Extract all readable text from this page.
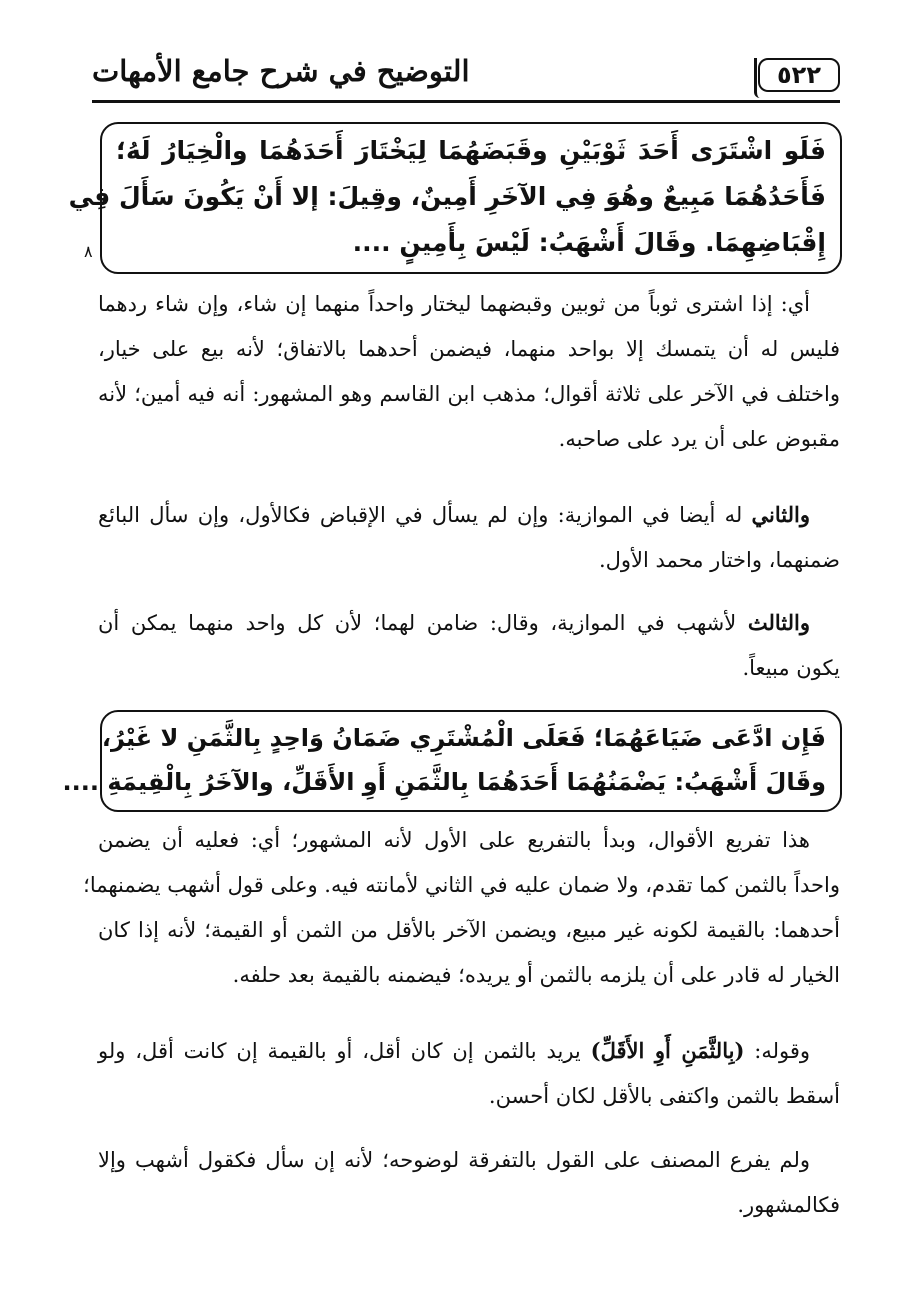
٥٢٢
التوضيح في شرح جامع الأمهات
فَلَو اشْتَرَى أَحَدَ ثَوْبَيْنِ وقَبَضَهُمَا لِيَخْتَارَ أَحَدَهُمَا والْخِيَارُ لَهُ؛
فَأَحَدُهُمَا مَبِيعٌ وهُوَ فِي الآخَرِ أَمِينٌ، وقِيلَ: إلا أَنْ يَكُونَ سَأَلَ فِي
إِقْبَاضِهِمَا. وقَالَ أَشْهَبُ: لَيْسَ بِأَمِينٍ ....
٨
أي: إذا اشترى ثوباً من ثوبين وقبضهما ليختار واحداً منهما إن شاء، وإن شاء ردهما
فليس له أن يتمسك إلا بواحد منهما، فيضمن أحدهما بالاتفاق؛ لأنه بيع على خيار،
واختلف في الآخر على ثلاثة أقوال؛ مذهب ابن القاسم وهو المشهور: أنه فيه أمين؛ لأنه
مقبوض على أن يرد على صاحبه.
والثاني له أيضا في الموازية: وإن لم يسأل في الإقباض فكالأول، وإن سأل البائع
ضمنهما، واختار محمد الأول.
والثالث لأشهب في الموازية، وقال: ضامن لهما؛ لأن كل واحد منهما يمكن أن
يكون مبيعاً.
فَإِن ادَّعَى ضَيَاعَهُمَا؛ فَعَلَى الْمُشْتَرِي ضَمَانُ وَاحِدٍ بِالثَّمَنِ لا غَيْرُ،
وقَالَ أَشْهَبُ: يَضْمَنُهُمَا أَحَدَهُمَا بِالثَّمَنِ أَوِ الأَقَلِّ، والآخَرُ بِالْقِيمَةِ ....
هذا تفريع الأقوال، وبدأ بالتفريع على الأول لأنه المشهور؛ أي: فعليه أن يضمن
واحداً بالثمن كما تقدم، ولا ضمان عليه في الثاني لأمانته فيه. وعلى قول أشهب يضمنهما؛
أحدهما: بالقيمة لكونه غير مبيع، ويضمن الآخر بالأقل من الثمن أو القيمة؛ لأنه إذا كان
الخيار له قادر على أن يلزمه بالثمن أو يريده؛ فيضمنه بالقيمة بعد حلفه.
وقوله: (بِالثَّمَنِ أَوِ الأَقَلِّ) يريد بالثمن إن كان أقل، أو بالقيمة إن كانت أقل، ولو
أسقط بالثمن واكتفى بالأقل لكان أحسن.
ولم يفرع المصنف على القول بالتفرقة لوضوحه؛ لأنه إن سأل فكقول أشهب وإلا
فكالمشهور.
